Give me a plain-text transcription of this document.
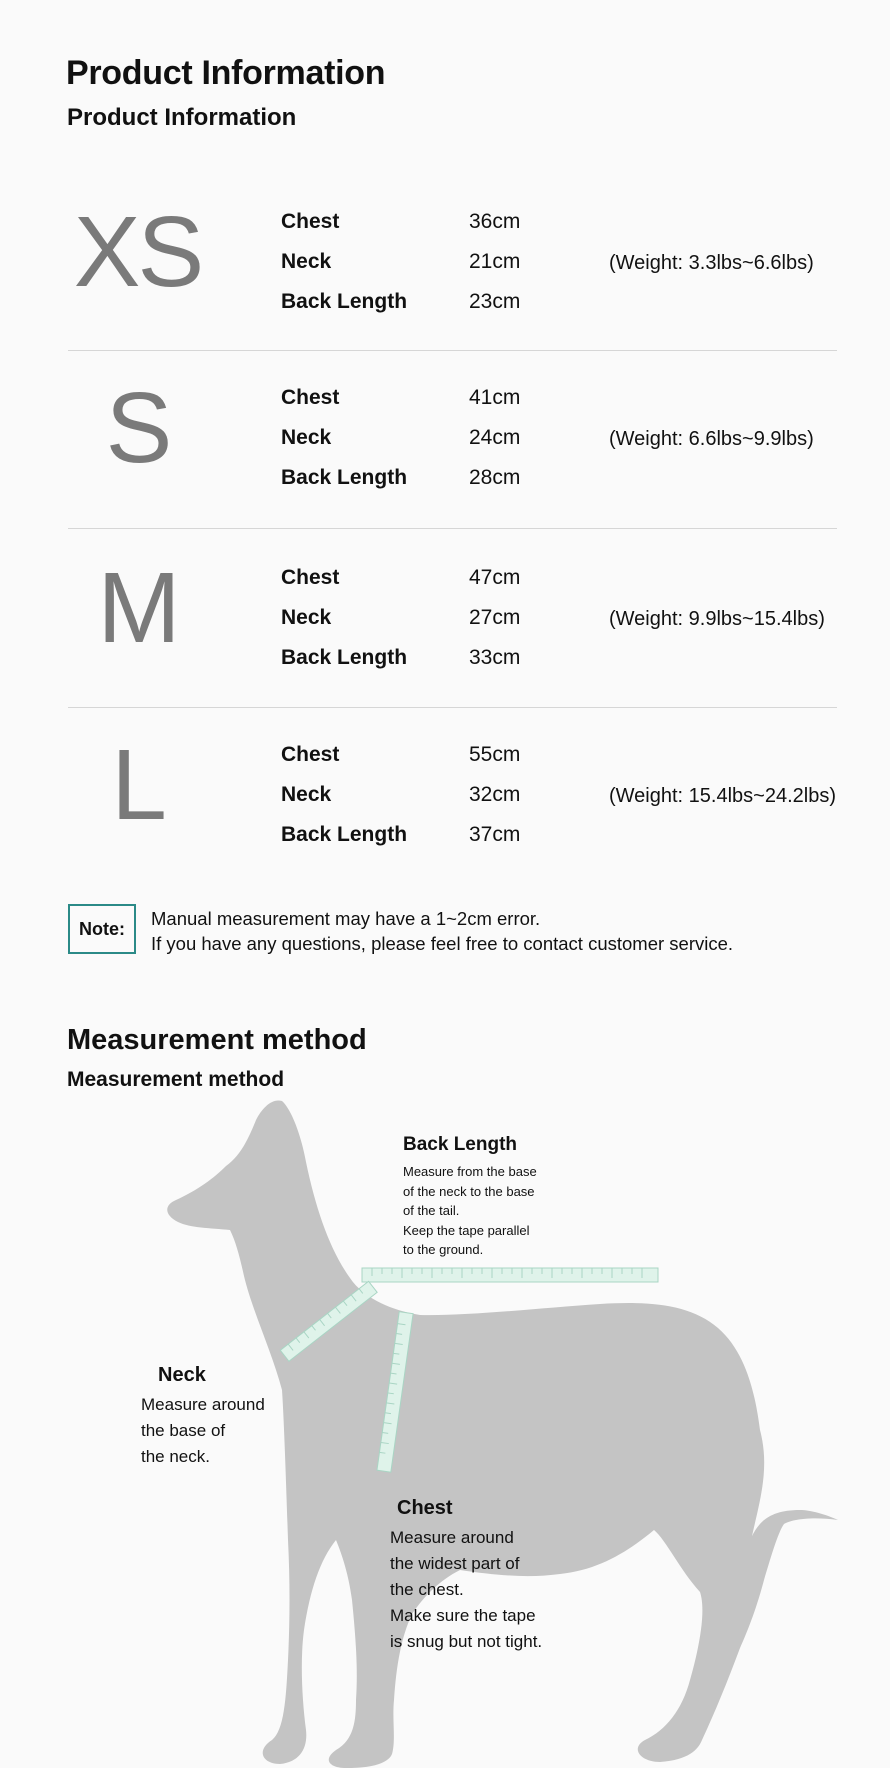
Product Information
Product Information
XS	Chest	36cm
Neck	21cm
Back Length	23cm
(Weight: 3.3lbs~6.6lbs)
S	Chest	41cm
Neck	24cm
Back Length	28cm
(Weight: 6.6lbs~9.9lbs)
M	Chest	47cm
Neck	27cm
Back Length	33cm
(Weight: 9.9lbs~15.4lbs)
L	Chest	55cm
Neck	32cm
Back Length	37cm
(Weight: 15.4lbs~24.2lbs)
Note:	Manual measurement may have a 1~2cm error.
If you have any questions, please feel free to contact customer service.
Measurement method
Measurement method
Back Length
Measure from the base
of the neck to the base
of the tail.
Keep the tape parallel
to the ground.
Neck
Measure around
the base of
the neck.
Chest
Measure around
the widest part of
the chest.
Make sure the tape
is snug but not tight.
